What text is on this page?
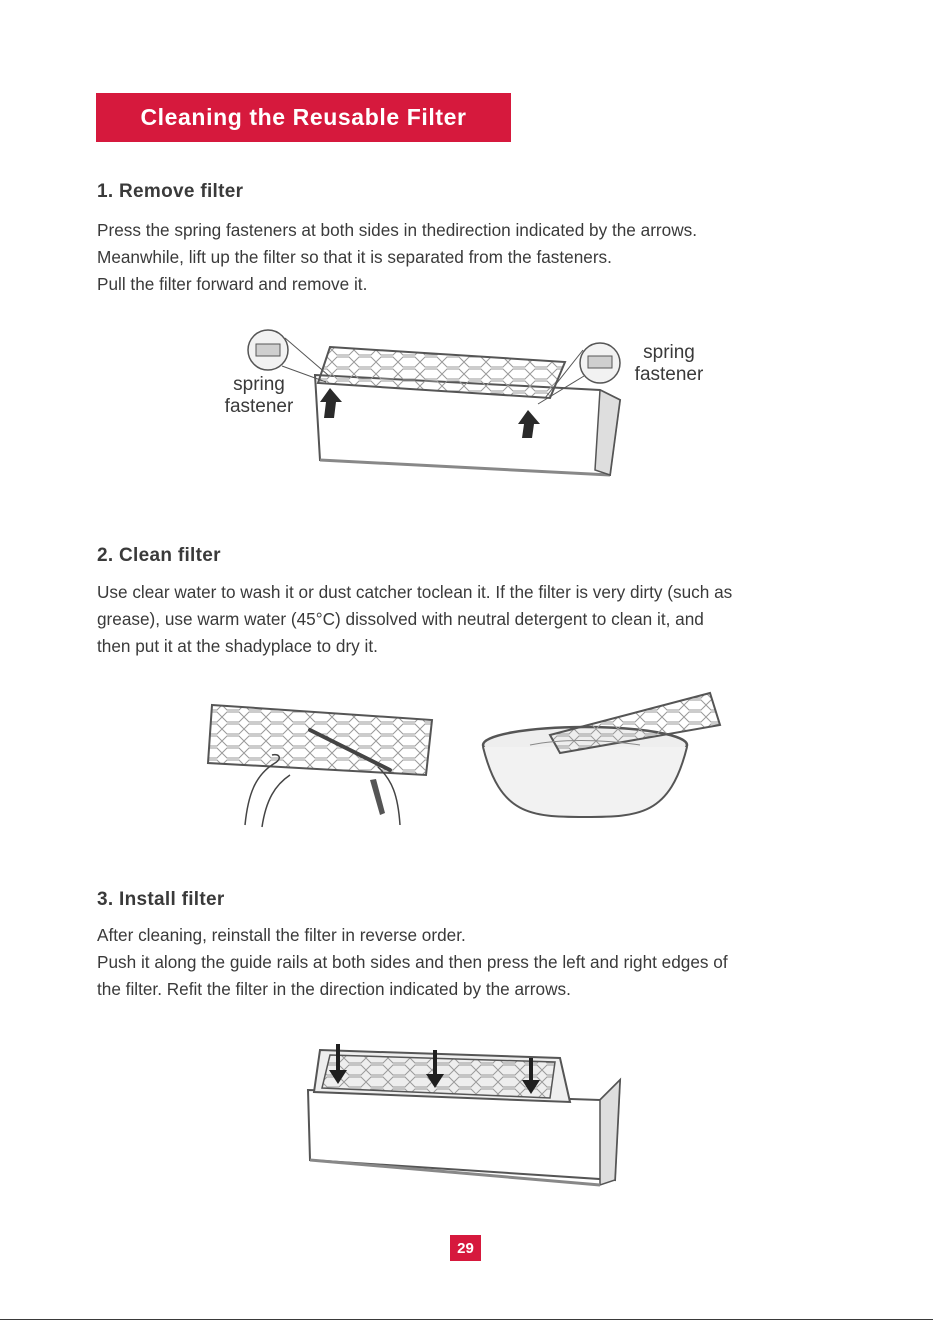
Cleaning the Reusable Filter
1. Remove filter

Press the spring fasteners at both sides in thedirection indicated by the arrows.
Meanwhile, lift up the filter so that it is separated from the fasteners.
Pull the filter forward and remove it.

spring
fastener
spring
fastener
2. Clean filter

Use clear water to wash it or dust catcher toclean it. If the filter is very dirty (such as
grease), use warm water (45°C) dissolved with neutral detergent to clean it, and
then put it at the shadyplace to dry it.

3. Install filter

After cleaning, reinstall the filter in reverse order.
Push it along the guide rails at both sides and then press the left and right edges of
the filter. Refit the filter in the direction indicated by the arrows.

29
